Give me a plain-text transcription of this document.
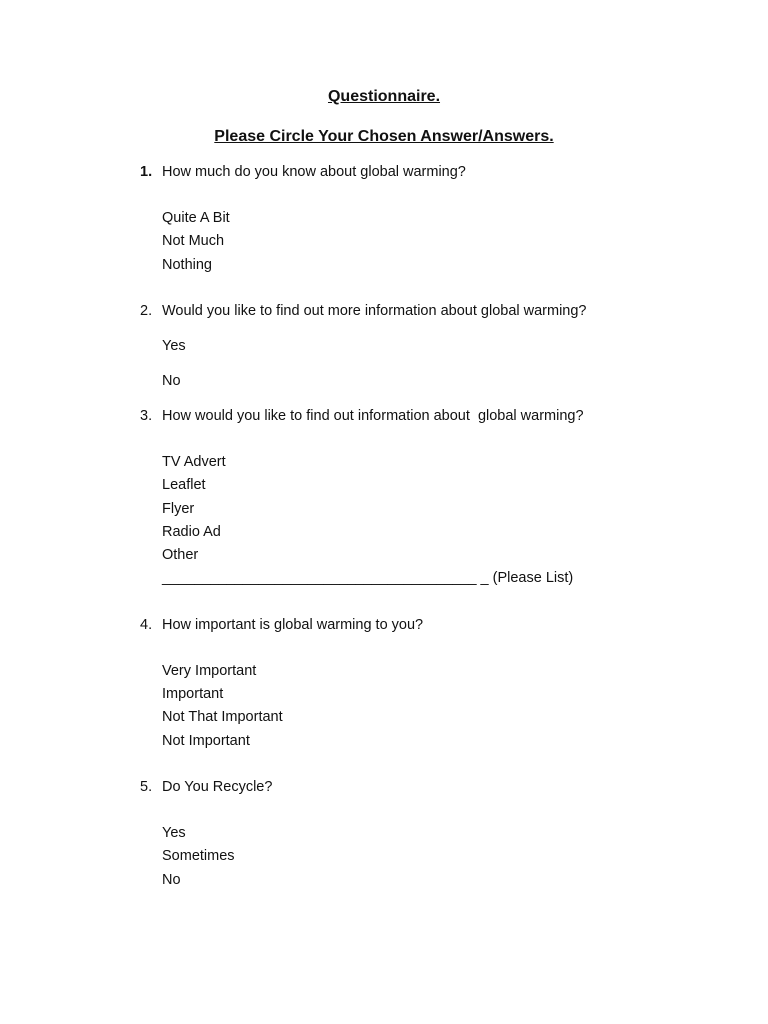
Questionnaire.
Please Circle Your Chosen Answer/Answers.
1. How much do you know about global warming?
Quite A Bit
Not Much
Nothing
2. Would you like to find out more information about global warming?
Yes
No
3. How would you like to find out information about  global warming?
TV Advert
Leaflet
Flyer
Radio Ad
Other
_______________________________________ _ (Please List)
4. How important is global warming to you?
Very Important
Important
Not That Important
Not Important
5. Do You Recycle?
Yes
Sometimes
No
